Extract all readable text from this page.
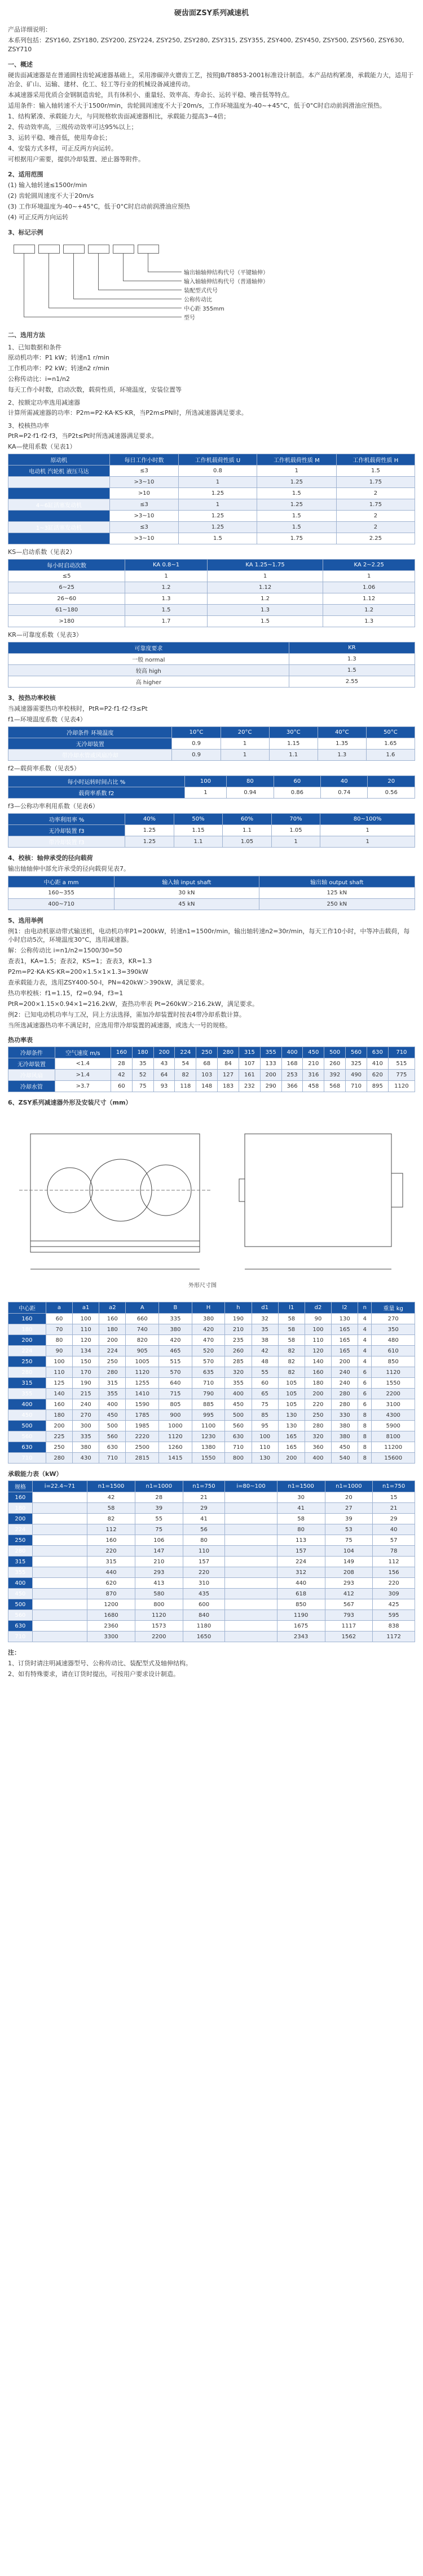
硬齿面ZSY系列减速机
产品详细说明：
本系列包括：ZSY160, ZSY180, ZSY200, ZSY224, ZSY250, ZSY280, ZSY315, ZSY355, ZSY400, ZSY450, ZSY500, ZSY560, ZSY630, ZSY710
一、概述
硬齿面减速器是在普通圆柱齿轮减速器基础上，采用渗碳淬火磨齿工艺，按照JB/T8853-2001标准设计制造。本产品结构紧凑，承载能力大，适用于冶金、矿山、运输、建材、化工、轻工等行业的机械设备减速传动。
本减速器采用优质合金钢制造齿轮，具有体积小、重量轻、效率高、寿命长、运转平稳、噪音低等特点。
适用条件：输入轴转速不大于1500r/min，齿轮圆周速度不大于20m/s，工作环境温度为-40~+45°C，低于0°C时启动前润滑油应预热。
1、结构紧凑、承载能力大，与同规格软齿面减速器相比，承载能力提高3~4倍；
2、传动效率高，三级传动效率可达95%以上；
3、运转平稳、噪音低，使用寿命长；
4、安装方式多样，可正反两方向运转。
可根据用户需要，提供冷却装置、逆止器等附件。
2、适用范围
(1) 输入轴转速≤1500r/min
(2) 齿轮圆周速度不大于20m/s
(3) 工作环境温度为-40~+45°C，低于0°C时启动前润滑油应预热
(4) 可正反两方向运转
3、标记示例
输出轴轴伸结构代号（平键轴伸）
输入轴轴伸结构代号（普通轴伸）
装配型式代号
公称传动比
中心距 355mm
型号
二、选用方法
1、已知数据和条件
原动机功率：P1 kW；转速n1 r/min
工作机功率：P2 kW；转速n2 r/min
公称传动比：i=n1/n2
每天工作小时数，启动次数，载荷性质，环境温度，安装位置等
2、按额定功率选用减速器
计算所需减速器的功率：P2m=P2·KA·KS·KR，当P2m≤PN时，所选减速器满足要求。
3、校核热功率
PtR=P2·f1·f2·f3，当P2t≤Pt时所选减速器满足要求。
KA—使用系数（见表1）
原动机	每日工作小时数	工作机载荷性质 U	工作机载荷性质 M	工作机载荷性质 H
电动机 汽轮机 液压马达	≤3	0.8	1	1.5
	>3~10	1	1.25	1.75
	>10	1.25	1.5	2
4~6缸活塞发动机	≤3	1	1.25	1.75
	>3~10	1.25	1.5	2
1~3缸活塞发动机	≤3	1.25	1.5	2
	>3~10	1.5	1.75	2.25
KS—启动系数（见表2）
每小时启动次数	KA 0.8~1	KA 1.25~1.75	KA 2~2.25
≤5	1	1	1
6~25	1.2	1.12	1.06
26~60	1.3	1.2	1.12
61~180	1.5	1.3	1.2
>180	1.7	1.5	1.3
KR—可靠度系数（见表3）
可靠度要求	KR
一般 normal	1.3
较高 high	1.5
高 higher	2.55
3、按热功率校核
当减速器需要热功率校核时，PtR=P2·f1·f2·f3≤Pt
f1—环境温度系数（见表4）
冷却条件 环境温度	10°C	20°C	30°C	40°C	50°C
无冷却装置	0.9	1	1.15	1.35	1.65
带冷却水管或风扇冷却	0.9	1	1.1	1.3	1.6
f2—载荷率系数（见表5）
每小时运转时间占比 %	100	80	60	40	20
载荷率系数 f2	1	0.94	0.86	0.74	0.56
f3—公称功率利用系数（见表6）
功率利用率 %	40%	50%	60%	70%	80~100%
无冷却装置 f3	1.25	1.15	1.1	1.05	1
带冷却装置 f3	1.25	1.1	1.05	1	1
4、校核：轴伸承受的径向载荷
输出轴轴伸中部允许承受的径向载荷见表7。
中心距 a mm	输入轴 input shaft	输出轴 output shaft
160~355	30 kN	125 kN
400~710	45 kN	250 kN
5、选用举例
例1：由电动机驱动带式输送机，电动机功率P1=200kW，转速n1=1500r/min，输出轴转速n2=30r/min，每天工作10小时，中等冲击载荷，每小时启动5次，环境温度30°C，选用减速器。
解：公称传动比 i=n1/n2=1500/30=50
查表1，KA=1.5；查表2，KS=1；查表3，KR=1.3
P2m=P2·KA·KS·KR=200×1.5×1×1.3=390kW
查承载能力表，选用ZSY400-50-Ⅰ，PN=420kW＞390kW，满足要求。
热功率校核：f1=1.15，f2=0.94，f3=1
PtR=200×1.15×0.94×1=216.2kW，查热功率表 Pt=260kW＞216.2kW，满足要求。
例2：已知电动机功率与工况，同上方法选择，需加冷却装置时按表4带冷却系数计算。
当所选减速器热功率不满足时，应选用带冷却装置的减速器，或选大一号的规格。
热功率表
冷却条件	空气速度 m/s	160	180	200	224	250	280	315	355	400	450	500	560	630	710
无冷却装置	<1.4	28	35	43	54	68	84	107	133	168	210	260	325	410	515
冷却风扇	>1.4	42	52	64	82	103	127	161	200	253	316	392	490	620	775
冷却水管	>3.7	60	75	93	118	148	183	232	290	366	458	568	710	895	1120
6、ZSY系列减速器外形及安装尺寸（mm）
外形尺寸图
中心距	a	a1	a2	A	B	H	h	d1	l1	d2	l2	n	重量 kg
160	60	100	160	660	335	380	190	32	58	90	130	4	270
180	70	110	180	740	380	420	210	35	58	100	165	4	350
200	80	120	200	820	420	470	235	38	58	110	165	4	480
224	90	134	224	905	465	520	260	42	82	120	165	4	610
250	100	150	250	1005	515	570	285	48	82	140	200	4	850
280	110	170	280	1120	570	635	320	55	82	160	240	6	1120
315	125	190	315	1255	640	710	355	60	105	180	240	6	1550
355	140	215	355	1410	715	790	400	65	105	200	280	6	2200
400	160	240	400	1590	805	885	450	75	105	220	280	6	3100
450	180	270	450	1785	900	995	500	85	130	250	330	8	4300
500	200	300	500	1985	1000	1100	560	95	130	280	380	8	5900
560	225	335	560	2220	1120	1230	630	100	165	320	380	8	8100
630	250	380	630	2500	1260	1380	710	110	165	360	450	8	11200
710	280	430	710	2815	1415	1550	800	130	200	400	540	8	15600
承载能力表（kW）
规格	i=22.4~71	n1=1500	n1=1000	n1=750	i=80~100	n1=1500	n1=1000	n1=750
160		42	28	21		30	20	15
180		58	39	29		41	27	21
200		82	55	41		58	39	29
224		112	75	56		80	53	40
250		160	106	80		113	75	57
280		220	147	110		157	104	78
315		315	210	157		224	149	112
355		440	293	220		312	208	156
400		620	413	310		440	293	220
450		870	580	435		618	412	309
500		1200	800	600		850	567	425
560		1680	1120	840		1190	793	595
630		2360	1573	1180		1675	1117	838
710		3300	2200	1650		2343	1562	1172
注：
1、订货时请注明减速器型号、公称传动比、装配型式及轴伸结构。
2、如有特殊要求，请在订货时提出，可按用户要求设计制造。
